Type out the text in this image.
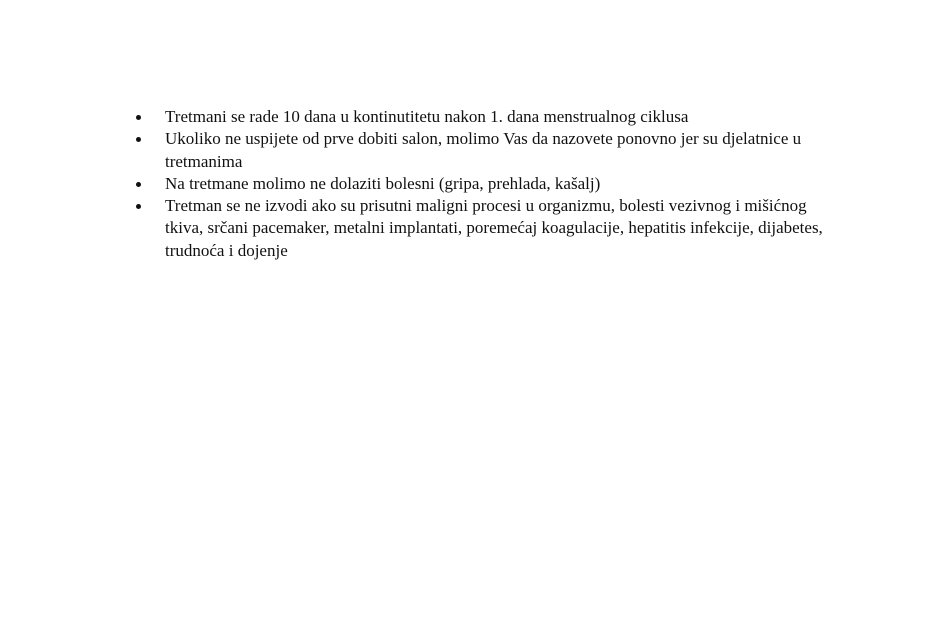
Tretmani se rade 10 dana u kontinutitetu nakon 1. dana menstrualnog ciklusa
Ukoliko ne uspijete od prve dobiti salon, molimo Vas da nazovete ponovno jer su djelatnice u tretmanima
Na tretmane molimo ne dolaziti bolesni (gripa, prehlada, kašalj)
Tretman se ne izvodi ako su prisutni maligni procesi u organizmu, bolesti vezivnog i mišićnog tkiva, srčani pacemaker, metalni implantati, poremećaj koagulacije, hepatitis infekcije, dijabetes, trudnoća i dojenje
